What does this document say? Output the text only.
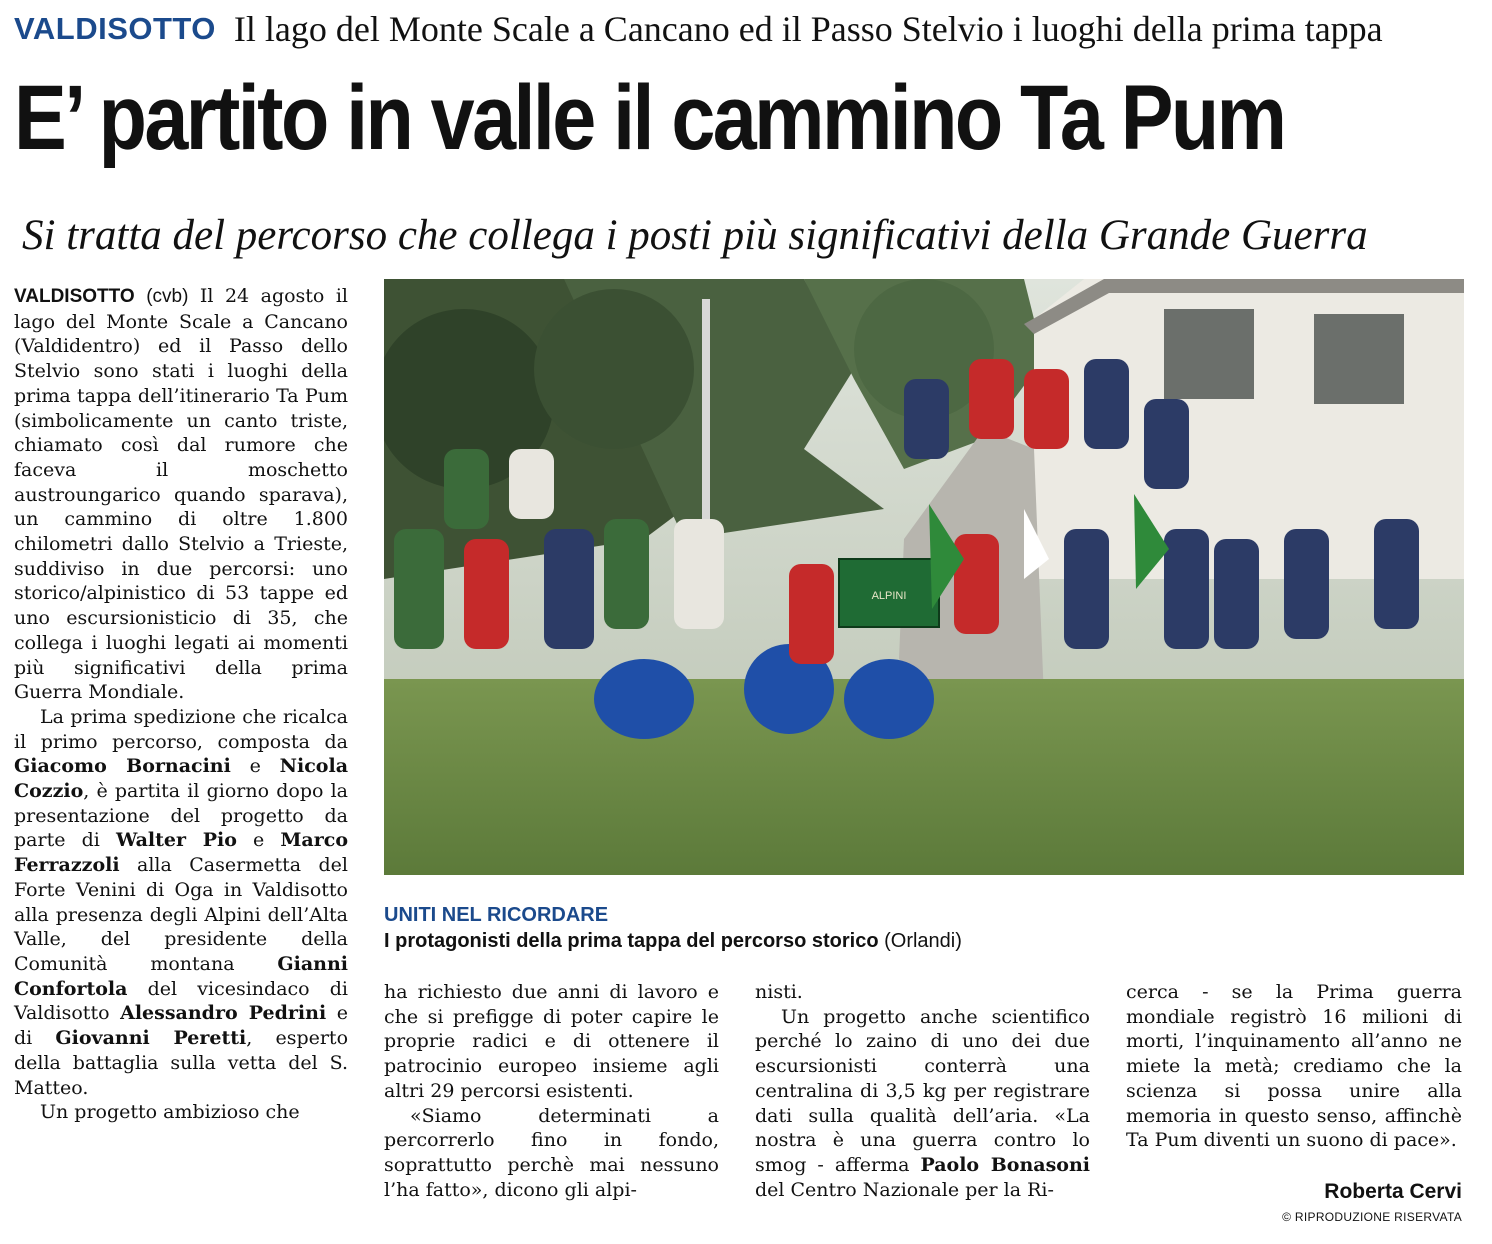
VALDISOTTO Il lago del Monte Scale a Cancano ed il Passo Stelvio i luoghi della prima tappa
E’ partito in valle il cammino Ta Pum
Si tratta del percorso che collega i posti più significativi della Grande Guerra

VALDISOTTO (cvb) Il 24 agosto il lago del Monte Scale a Cancano (Valdidentro) ed il Passo dello Stelvio sono stati i luoghi della prima tappa dell’itinerario Ta Pum (simbolicamente un canto triste, chiamato così dal rumore che faceva il moschetto austroungarico quando sparava), un cammino di oltre 1.800 chilometri dallo Stelvio a Trieste, suddiviso in due percorsi: uno storico/alpinistico di 53 tappe ed uno escursionisticio di 35, che collega i luoghi legati ai momenti più significativi della prima Guerra Mondiale.

La prima spedizione che ricalca il primo percorso, composta da Giacomo Bornacini e Nicola Cozzio, è partita il giorno dopo la presentazione del progetto da parte di Walter Pio e Marco Ferrazzoli alla Casermetta del Forte Venini di Oga in Valdisotto alla presenza degli Alpini dell’Alta Valle, del presidente della Comunità montana Gianni Confortola del vicesindaco di Valdisotto Alessandro Pedrini e di Giovanni Peretti, esperto della battaglia sulla vetta del S. Matteo.

Un progetto ambizioso che

ALPINI
UNITI NEL RICORDARE
I protagonisti della prima tappa del percorso storico (Orlandi)

ha richiesto due anni di lavoro e che si prefigge di poter capire le proprie radici e di ottenere il patrocinio europeo insieme agli altri 29 percorsi esistenti.

«Siamo determinati a percorrerlo fino in fondo, soprattutto perchè mai nessuno l’ha fatto», dicono gli alpi-

nisti.

Un progetto anche scientifico perché lo zaino di uno dei due escursionisti conterrà una centralina di 3,5 kg per registrare dati sulla qualità dell’aria. «La nostra è una guerra contro lo smog - afferma Paolo Bonasoni del Centro Nazionale per la Ri-

cerca - se la Prima guerra mondiale registrò 16 milioni di morti, l’inquinamento all’anno ne miete la metà; crediamo che la scienza si possa unire alla memoria in questo senso, affinchè Ta Pum diventi un suono di pace».

Roberta Cervi
© RIPRODUZIONE RISERVATA
